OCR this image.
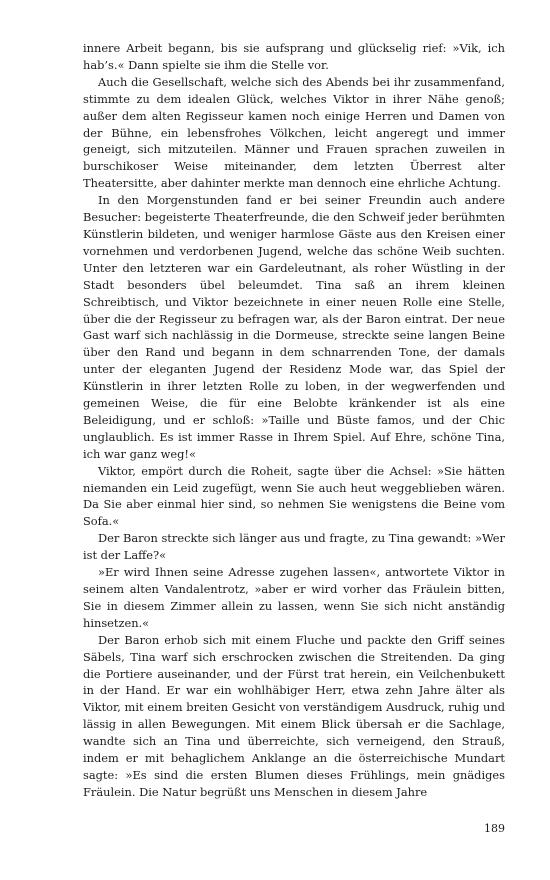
innere Arbeit begann, bis sie aufsprang und glückselig rief: »Vik, ich hab’s.« Dann spielte sie ihm die Stelle vor.

Auch die Gesellschaft, welche sich des Abends bei ihr zusammenfand, stimmte zu dem idealen Glück, welches Viktor in ihrer Nähe genoß; außer dem alten Regisseur kamen noch einige Herren und Damen von der Bühne, ein lebensfrohes Völkchen, leicht angeregt und immer geneigt, sich mitzuteilen. Männer und Frauen sprachen zuweilen in burschikoser Weise miteinander, dem letzten Überrest alter Theatersitte, aber dahinter merkte man dennoch eine ehrliche Achtung.

In den Morgenstunden fand er bei seiner Freundin auch andere Besucher: begeisterte Theaterfreunde, die den Schweif jeder berühmten Künstlerin bildeten, und weniger harmlose Gäste aus den Kreisen einer vornehmen und verdorbenen Jugend, welche das schöne Weib suchten. Unter den letzteren war ein Gardeleutnant, als roher Wüstling in der Stadt besonders übel beleumdet. Tina saß an ihrem kleinen Schreibtisch, und Viktor bezeichnete in einer neuen Rolle eine Stelle, über die der Regisseur zu befragen war, als der Baron eintrat. Der neue Gast warf sich nachlässig in die Dormeuse, streckte seine langen Beine über den Rand und begann in dem schnarrenden Tone, der damals unter der eleganten Jugend der Residenz Mode war, das Spiel der Künstlerin in ihrer letzten Rolle zu loben, in der wegwerfenden und gemeinen Weise, die für eine Belobte kränkender ist als eine Beleidigung, und er schloß: »Taille und Büste famos, und der Chic unglaublich. Es ist immer Rasse in Ihrem Spiel. Auf Ehre, schöne Tina, ich war ganz weg!«

Viktor, empört durch die Roheit, sagte über die Achsel: »Sie hätten niemanden ein Leid zugefügt, wenn Sie auch heut weggeblieben wären. Da Sie aber einmal hier sind, so nehmen Sie wenigstens die Beine vom Sofa.«

Der Baron streckte sich länger aus und fragte, zu Tina gewandt: »Wer ist der Laffe?«

»Er wird Ihnen seine Adresse zugehen lassen«, antwortete Viktor in seinem alten Vandalentrotz, »aber er wird vorher das Fräulein bitten, Sie in diesem Zimmer allein zu lassen, wenn Sie sich nicht anständig hinsetzen.«

Der Baron erhob sich mit einem Fluche und packte den Griff seines Säbels, Tina warf sich erschrocken zwischen die Streitenden. Da ging die Portiere auseinander, und der Fürst trat herein, ein Veilchenbukett in der Hand. Er war ein wohlhäbiger Herr, etwa zehn Jahre älter als Viktor, mit einem breiten Gesicht von verständigem Ausdruck, ruhig und lässig in allen Bewegungen. Mit einem Blick übersah er die Sachlage, wandte sich an Tina und überreichte, sich verneigend, den Strauß, indem er mit behaglichem Anklange an die österreichische Mundart sagte: »Es sind die ersten Blumen dieses Frühlings, mein gnädiges Fräulein. Die Natur begrüßt uns Menschen in diesem Jahre

189
